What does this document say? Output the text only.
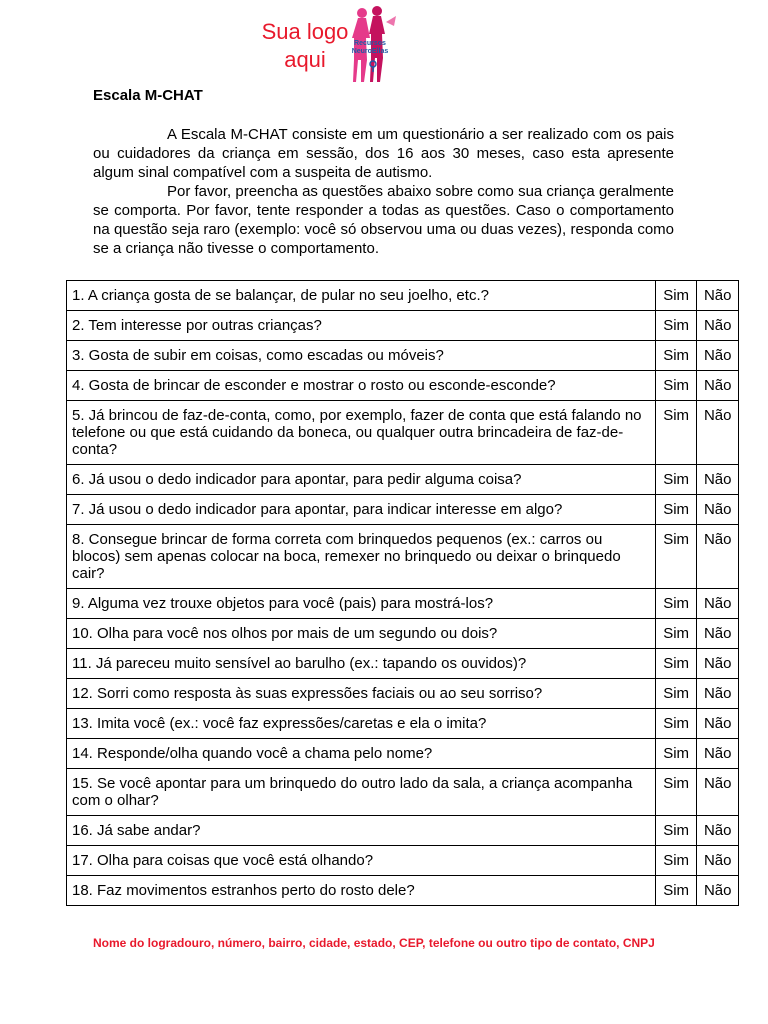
Sua logo
aqui
Recursos
NeuroEllas
Escala M-CHAT

A Escala M-CHAT consiste em um questionário a ser realizado com os pais ou cuidadores da criança em sessão, dos 16 aos 30 meses, caso esta apresente algum sinal compatível com a suspeita de autismo.

Por favor, preencha as questões abaixo sobre como sua criança geralmente se comporta. Por favor, tente responder a todas as questões. Caso o comportamento na questão seja raro (exemplo: você só observou uma ou duas vezes), responda como se a criança não tivesse o comportamento.

1. A criança gosta de se balançar, de pular no seu joelho, etc.?	Sim	Não
2. Tem interesse por outras crianças?	Sim	Não
3. Gosta de subir em coisas, como escadas ou móveis?	Sim	Não
4. Gosta de brincar de esconder e mostrar o rosto ou esconde-esconde?	Sim	Não
5. Já brincou de faz-de-conta, como, por exemplo, fazer de conta que está falando no telefone ou que está cuidando da boneca, ou qualquer outra brincadeira de faz-de-conta?	Sim	Não
6. Já usou o dedo indicador para apontar, para pedir alguma coisa?	Sim	Não
7. Já usou o dedo indicador para apontar, para indicar interesse em algo?	Sim	Não
8. Consegue brincar de forma correta com brinquedos pequenos (ex.: carros ou blocos) sem apenas colocar na boca, remexer no brinquedo ou deixar o brinquedo cair?	Sim	Não
9. Alguma vez trouxe objetos para você (pais) para mostrá-los?	Sim	Não
10. Olha para você nos olhos por mais de um segundo ou dois?	Sim	Não
11. Já pareceu muito sensível ao barulho (ex.: tapando os ouvidos)?	Sim	Não
12. Sorri como resposta às suas expressões faciais ou ao seu sorriso?	Sim	Não
13. Imita você (ex.: você faz expressões/caretas e ela o imita?	Sim	Não
14. Responde/olha quando você a chama pelo nome?	Sim	Não
15. Se você apontar para um brinquedo do outro lado da sala, a criança acompanha com o olhar?	Sim	Não
16. Já sabe andar?	Sim	Não
17. Olha para coisas que você está olhando?	Sim	Não
18. Faz movimentos estranhos perto do rosto dele?	Sim	Não
Nome do logradouro, número, bairro, cidade, estado, CEP, telefone ou outro tipo de contato, CNPJ
